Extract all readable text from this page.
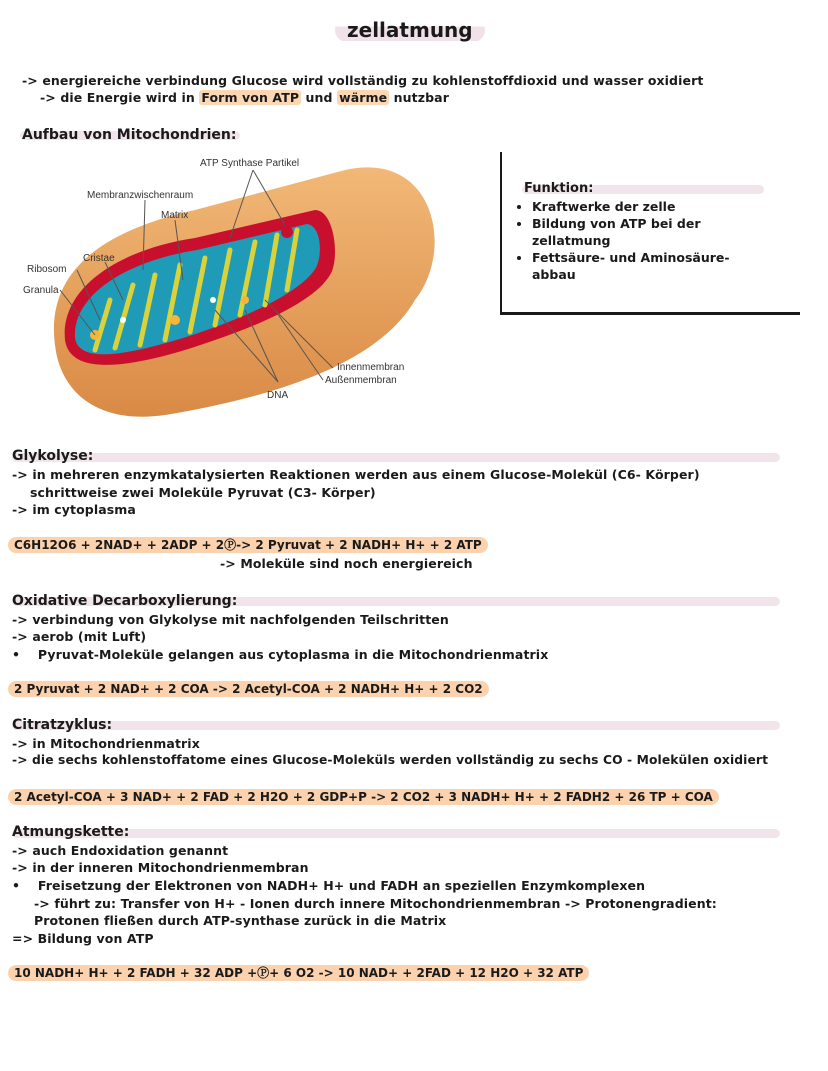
zellatmung
-> energiereiche verbindung Glucose wird vollständig zu kohlenstoffdioxid und wasser oxidiert
-> die Energie wird in Form von ATP und wärme nutzbar
Aufbau von Mitochondrien:
ATP Synthase Partikel
Membranzwischenraum
Matrix
Cristae
Ribosom
Granula
Innenmembran
Außenmembran
DNA
Funktion:
• Kraftwerke der zelle
• Bildung von ATP bei der zellatmung
• Fettsäure- und Aminosäure-abbau
Glykolyse:
-> in mehreren enzymkatalysierten Reaktionen werden aus einem Glucose-Molekül (C6- Körper)
schrittweise zwei Moleküle Pyruvat (C3- Körper)
-> im cytoplasma
C6H12O6 + 2NAD+ + 2ADP + 2Ⓟ-> 2 Pyruvat + 2 NADH+ H+ + 2 ATP
-> Moleküle sind noch energiereich
Oxidative Decarboxylierung:
-> verbindung von Glykolyse mit nachfolgenden Teilschritten
-> aerob (mit Luft)
•    Pyruvat-Moleküle gelangen aus cytoplasma in die Mitochondrienmatrix
2 Pyruvat + 2 NAD+ + 2 COA -> 2 Acetyl-COA + 2 NADH+ H+ + 2 CO2
Citratzyklus:
-> in Mitochondrienmatrix
-> die sechs kohlenstoffatome eines Glucose-Moleküls werden vollständig zu sechs CO - Molekülen oxidiert
2 Acetyl-COA + 3 NAD+ + 2 FAD + 2 H2O + 2 GDP+P -> 2 CO2 + 3 NADH+ H+ + 2 FADH2 + 26 TP + COA
Atmungskette:
-> auch Endoxidation genannt
-> in der inneren Mitochondrienmembran
•    Freisetzung der Elektronen von NADH+ H+ und FADH an speziellen Enzymkomplexen
-> führt zu: Transfer von H+ - Ionen durch innere Mitochondrienmembran -> Protonengradient:
Protonen fließen durch ATP-synthase zurück in die Matrix
=> Bildung von ATP
10 NADH+ H+ + 2 FADH + 32 ADP +Ⓟ+ 6 O2 -> 10 NAD+ + 2FAD + 12 H2O + 32 ATP
